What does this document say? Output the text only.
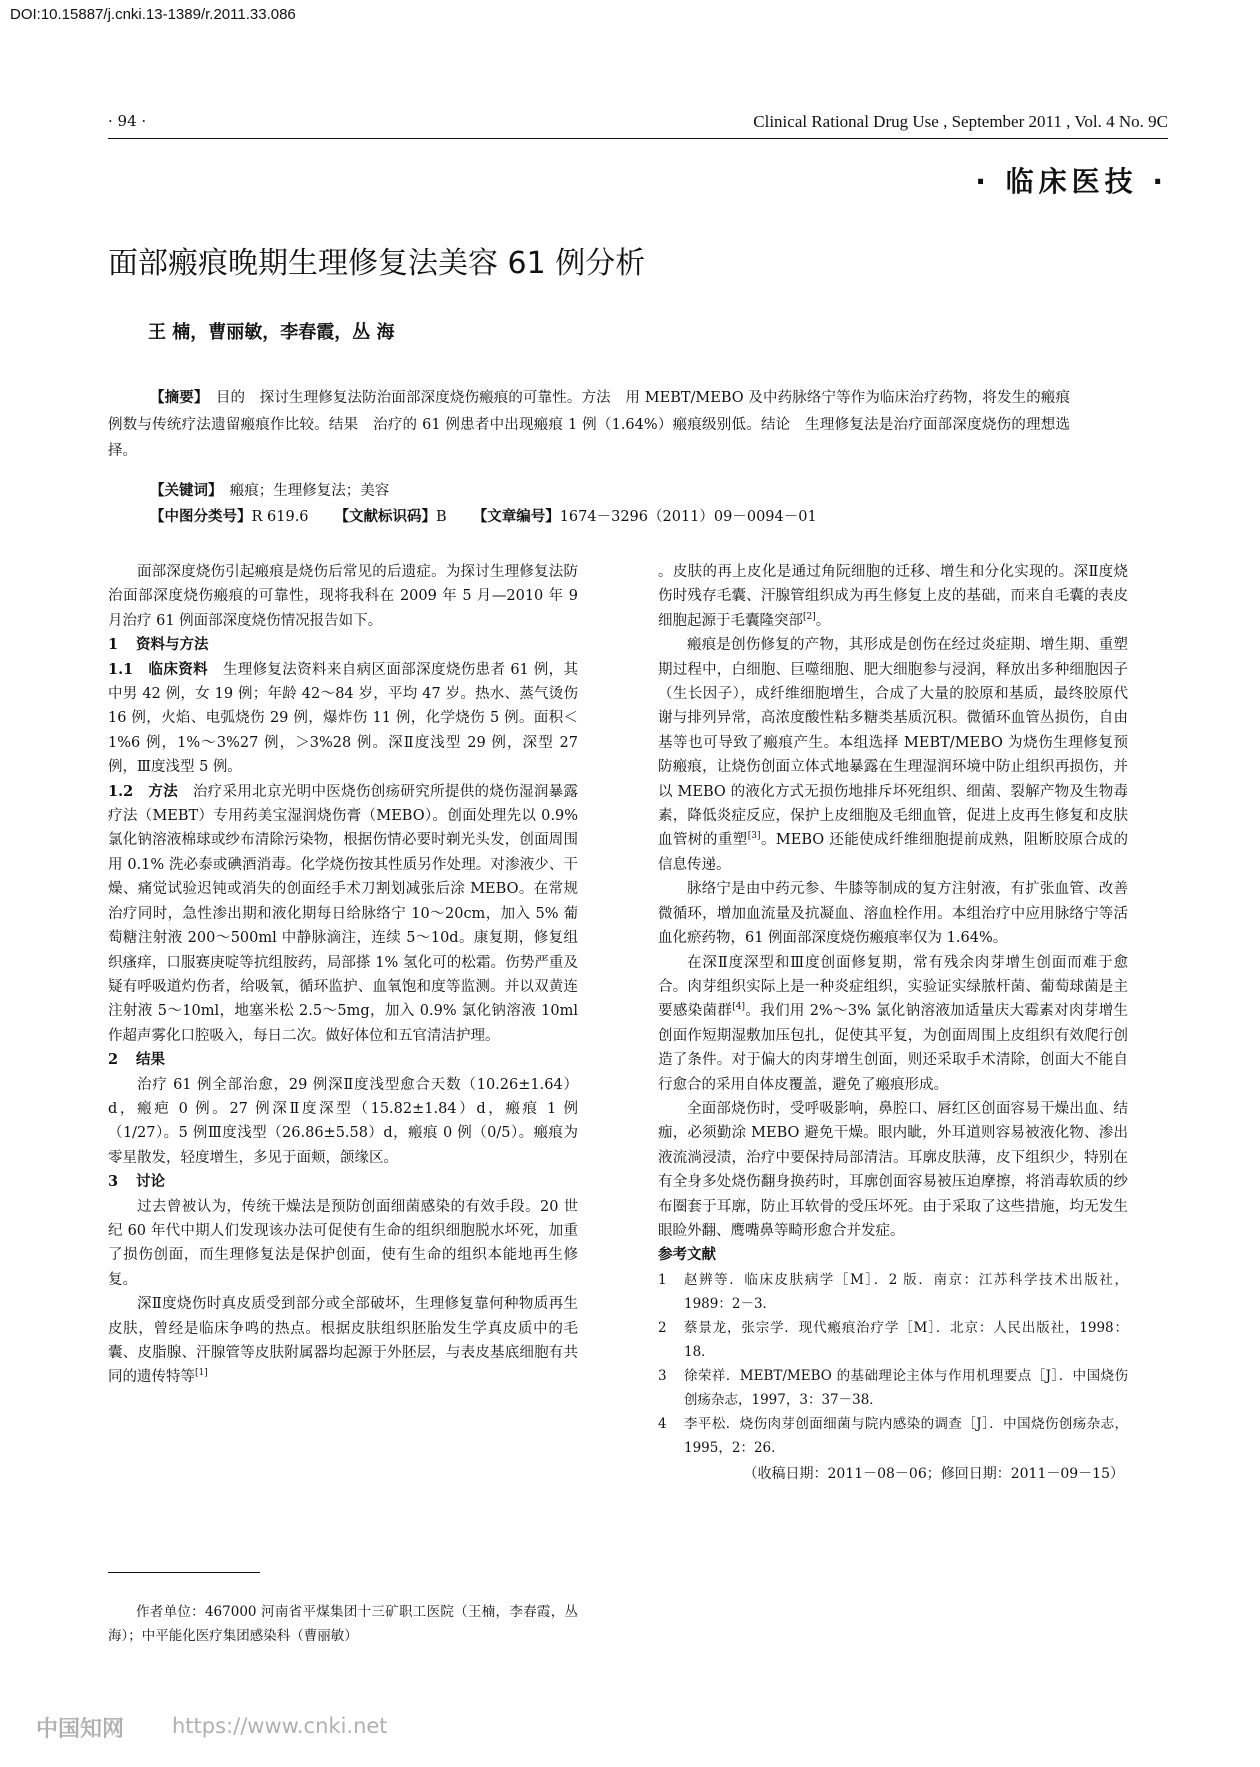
DOI:10.15887/j.cnki.13-1389/r.2011.33.086
· 94 ·	Clinical Rational Drug Use , September 2011 , Vol. 4 No. 9C
· 临床医技 ·
面部瘢痕晚期生理修复法美容 61 例分析
王 楠，曹丽敏，李春霞，丛 海
【摘要】　 目的　探讨生理修复法防治面部深度烧伤瘢痕的可靠性。方法　用 MEBT/MEBO 及中药脉络宁等作为临床治疗药物，将发生的瘢痕例数与传统疗法遗留瘢痕作比较。结果　治疗的 61 例患者中出现瘢痕 1 例（1.64%）瘢痕级别低。结论　生理修复法是治疗面部深度烧伤的理想选择。
【关键词】　 瘢痕；生理修复法；美容
【中图分类号】R 619.6 【文献标识码】B 【文章编号】1674－3296（2011）09－0094－01

面部深度烧伤引起瘢痕是烧伤后常见的后遗症。为探讨生理修复法防治面部深度烧伤瘢痕的可靠性，现将我科在 2009 年 5 月—2010 年 9 月治疗 61 例面部深度烧伤情况报告如下。

1 资料与方法

1.1　临床资料　 生理修复法资料来自病区面部深度烧伤患者 61 例，其中男 42 例，女 19 例；年龄 42～84 岁，平均 47 岁。热水、蒸气烫伤 16 例，火焰、电弧烧伤 29 例，爆炸伤 11 例，化学烧伤 5 例。面积＜1%6 例，1%～3%27 例，＞3%28 例。深Ⅱ度浅型 29 例，深型 27 例，Ⅲ度浅型 5 例。

1.2　方法　 治疗采用北京光明中医烧伤创疡研究所提供的烧伤湿润暴露疗法（MEBT）专用药美宝湿润烧伤膏（MEBO）。创面处理先以 0.9% 氯化钠溶液棉球或纱布清除污染物，根据伤情必要时剃光头发，创面周围用 0.1% 洗必泰或碘酒消毒。化学烧伤按其性质另作处理。对渗液少、干燥、痛觉试验迟钝或消失的创面经手术刀割划减张后涂 MEBO。在常规治疗同时，急性渗出期和液化期每日给脉络宁 10～20cm，加入 5% 葡萄糖注射液 200～500ml 中静脉滴注，连续 5～10d。康复期，修复组织瘙痒，口服赛庚啶等抗组胺药，局部搽 1% 氢化可的松霜。伤势严重及疑有呼吸道灼伤者，给吸氧，循环监护、血氧饱和度等监测。并以双黄连注射液 5～10ml，地塞米松 2.5～5mg，加入 0.9% 氯化钠溶液 10ml 作超声雾化口腔吸入，每日二次。做好体位和五官清洁护理。

2 结果

治疗 61 例全部治愈，29 例深Ⅱ度浅型愈合天数（10.26±1.64）d，瘢疤 0 例。27 例深Ⅱ度深型（15.82±1.84）d，瘢痕 1 例（1/27）。5 例Ⅲ度浅型（26.86±5.58）d，瘢痕 0 例（0/5）。瘢痕为零星散发，轻度增生，多见于面颊，颌缘区。

3 讨论

过去曾被认为，传统干燥法是预防创面细菌感染的有效手段。20 世纪 60 年代中期人们发现该办法可促使有生命的组织细胞脱水坏死，加重了损伤创面，而生理修复法是保护创面，使有生命的组织本能地再生修复。

深Ⅱ度烧伤时真皮质受到部分或全部破坏，生理修复靠何种物质再生皮肤，曾经是临床争鸣的热点。根据皮肤组织胚胎发生学真皮质中的毛囊、皮脂腺、汗腺管等皮肤附属器均起源于外胚层，与表皮基底细胞有共同的遗传特等[1]

。皮肤的再上皮化是通过角阮细胞的迁移、增生和分化实现的。深Ⅱ度烧伤时残存毛囊、汗腺管组织成为再生修复上皮的基础，而来自毛囊的表皮细胞起源于毛囊隆突部[2]。

瘢痕是创伤修复的产物，其形成是创伤在经过炎症期、增生期、重塑期过程中，白细胞、巨噬细胞、肥大细胞参与浸润，释放出多种细胞因子（生长因子），成纤维细胞增生，合成了大量的胶原和基质，最终胶原代谢与排列异常，高浓度酸性粘多糖类基质沉积。微循环血管丛损伤，自由基等也可导致了瘢痕产生。本组选择 MEBT/MEBO 为烧伤生理修复预防瘢痕，让烧伤创面立体式地暴露在生理湿润环境中防止组织再损伤，并以 MEBO 的液化方式无损伤地排斥坏死组织、细菌、裂解产物及生物毒素，降低炎症反应，保护上皮细胞及毛细血管，促进上皮再生修复和皮肤血管树的重塑[3]。MEBO 还能使成纤维细胞提前成熟，阻断胶原合成的信息传递。

脉络宁是由中药元参、牛膝等制成的复方注射液，有扩张血管、改善微循环，增加血流量及抗凝血、溶血栓作用。本组治疗中应用脉络宁等活血化瘀药物，61 例面部深度烧伤瘢痕率仅为 1.64%。

在深Ⅱ度深型和Ⅲ度创面修复期，常有残余肉芽增生创面而难于愈合。肉芽组织实际上是一种炎症组织，实验证实绿脓杆菌、葡萄球菌是主要感染菌群[4]。我们用 2%～3% 氯化钠溶液加适量庆大霉素对肉芽增生创面作短期湿敷加压包扎，促使其平复，为创面周围上皮组织有效爬行创造了条件。对于偏大的肉芽增生创面，则还采取手术清除，创面大不能自行愈合的采用自体皮覆盖，避免了瘢痕形成。

全面部烧伤时，受呼吸影响，鼻腔口、唇红区创面容易干燥出血、结痂，必须勤涂 MEBO 避免干燥。眼内眦，外耳道则容易被液化物、渗出液流淌浸渍，治疗中要保持局部清洁。耳廓皮肤薄，皮下组织少，特别在有全身多处烧伤翻身换药时，耳廓创面容易被压迫摩擦，将消毒软质的纱布圈套于耳廓，防止耳软骨的受压坏死。由于采取了这些措施，均无发生眼睑外翻、鹰嘴鼻等畸形愈合并发症。

参考文献

1	赵辨等．临床皮肤病学［M］．2 版．南京：江苏科学技术出版社，1989：2－3．
2	蔡景龙，张宗学．现代瘢痕治疗学［M］．北京：人民出版社，1998：18．
3	徐荣祥．MEBT/MEBO 的基础理论主体与作用机理要点［J］．中国烧伤创疡杂志，1997，3：37－38．
4	李平松．烧伤肉芽创面细菌与院内感染的调查［J］．中国烧伤创疡杂志，1995，2：26．
（收稿日期：2011－08－06；修回日期：2011－09－15）
作者单位：467000 河南省平煤集团十三矿职工医院（王楠，李春霞，丛海）；中平能化医疗集团感染科（曹丽敏）
中国知网 https://www.cnki.net
